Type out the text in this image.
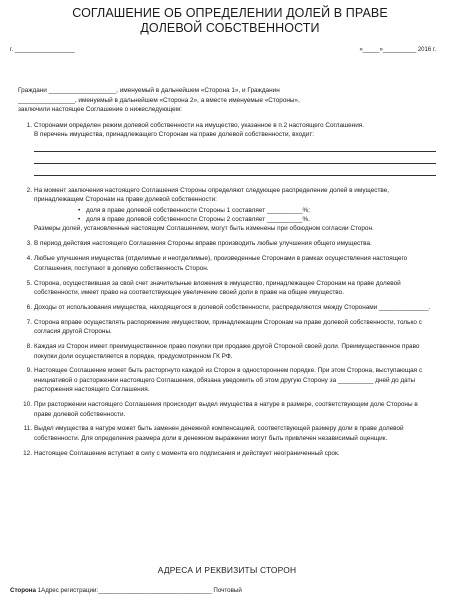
СОГЛАШЕНИЕ ОБ ОПРЕДЕЛЕНИИ ДОЛЕЙ В ПРАВЕ ДОЛЕВОЙ СОБСТВЕННОСТИ
г. __________________	«_____»__________ 2016 г.

Граждани ___________________, именуемый в дальнейшем «Сторона 1», и Гражданин

________________, именуемый в дальнейшем «Сторона 2», а вместе именуемые «Стороны»,

заключили настоящее Соглашение о нижеследующем:

1. Сторонами определен режим долевой собственности на имущество, указанное в п.2 настоящего Соглашения.

В перечень имущества, принадлежащего Сторонам на праве долевой собственности, входит:

2. На момент заключения настоящего Соглашения Стороны определяют следующее распределение долей в имуществе, принадлежащем Сторонам на праве долевой собственности:

• доля в праве долевой собственности Стороны 1 составляет __________%;
• доля в праве долевой собственности Стороны 2 составляет __________%.

Размеры долей, установленные настоящим Соглашением, могут быть изменены при обоюдном согласии Сторон.

3. В период действия настоящего Соглашения Стороны вправе производить любые улучшения общего имущества.

4. Любые улучшения имущества (отделимые и неотделимые), произведенные Сторонами в рамках осуществления настоящего Соглашения, поступают в долевую собственность Сторон.

5. Сторона, осуществившая за свой счет значительные вложения в имущество, принадлежащее Сторонам на праве долевой собственности, имеет право на соответствующее увеличение своей доли в праве на общее имущество.

6. Доходы от использования имущества, находящегося в долевой собственности, распределяются между Сторонами ______________.

7. Сторона вправе осуществлять распоряжение имуществом, принадлежащим Сторонам на праве долевой собственности, только с согласия другой Стороны.

8. Каждая из Сторон имеет преимущественное право покупки при продаже другой Стороной своей доли. Преимущественное право покупки доли осуществляется в порядке, предусмотренном ГК РФ.

9. Настоящее Соглашение может быть расторгнуто каждой из Сторон в одностороннем порядке. При этом Сторона, выступающая с инициативой о расторжении настоящего Соглашения, обязана уведомить об этом другую Сторону за __________ дней до даты расторжения настоящего Соглашения.

10. При расторжении настоящего Соглашения происходит выдел имущества в натуре в размере, соответствующем доле Стороны в праве долевой собственности.

11. Выдел имущества в натуре может быть заменен денежной компенсацией, соответствующей размеру доли в праве долевой собственности. Для определения размера доли в денежном выражении могут быть привлечен независимый оценщик.

12. Настоящее Соглашение вступает в силу с момента его подписания и действует неограниченный срок.

АДРЕСА И РЕКВИЗИТЫ СТОРОН
Сторона 1Адрес регистрации:_________________________________ Почтовый
